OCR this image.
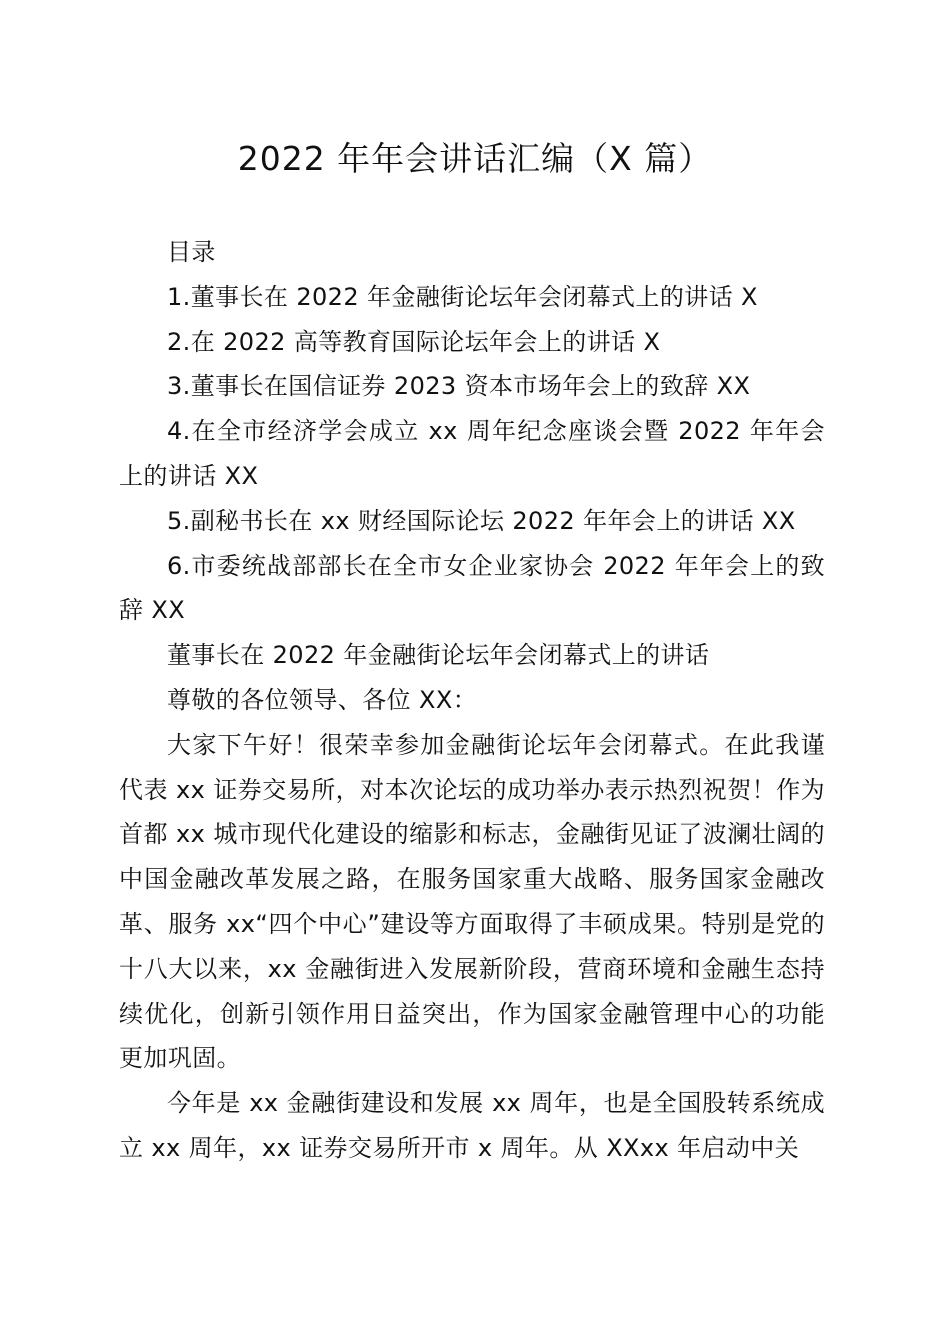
2022 年年会讲话汇编（X 篇）

目录

1.董事长在 2022 年金融街论坛年会闭幕式上的讲话 X

2.在 2022 高等教育国际论坛年会上的讲话 X

3.董事长在国信证券 2023 资本市场年会上的致辞 XX

4.在全市经济学会成立 xx 周年纪念座谈会暨 2022 年年会上的讲话 XX

5.副秘书长在 xx 财经国际论坛 2022 年年会上的讲话 XX

6.市委统战部部长在全市女企业家协会 2022 年年会上的致辞 XX

董事长在 2022 年金融街论坛年会闭幕式上的讲话

尊敬的各位领导、各位 XX：

大家下午好！很荣幸参加金融街论坛年会闭幕式。在此我谨代表 xx 证券交易所，对本次论坛的成功举办表示热烈祝贺！作为首都 xx 城市现代化建设的缩影和标志，金融街见证了波澜壮阔的中国金融改革发展之路，在服务国家重大战略、服务国家金融改革、服务 xx“四个中心”建设等方面取得了丰硕成果。特别是党的十八大以来，xx 金融街进入发展新阶段，营商环境和金融生态持续优化，创新引领作用日益突出，作为国家金融管理中心的功能更加巩固。

今年是 xx 金融街建设和发展 xx 周年，也是全国股转系统成立 xx 周年，xx 证券交易所开市 x 周年。从 XXxx 年启动中关
